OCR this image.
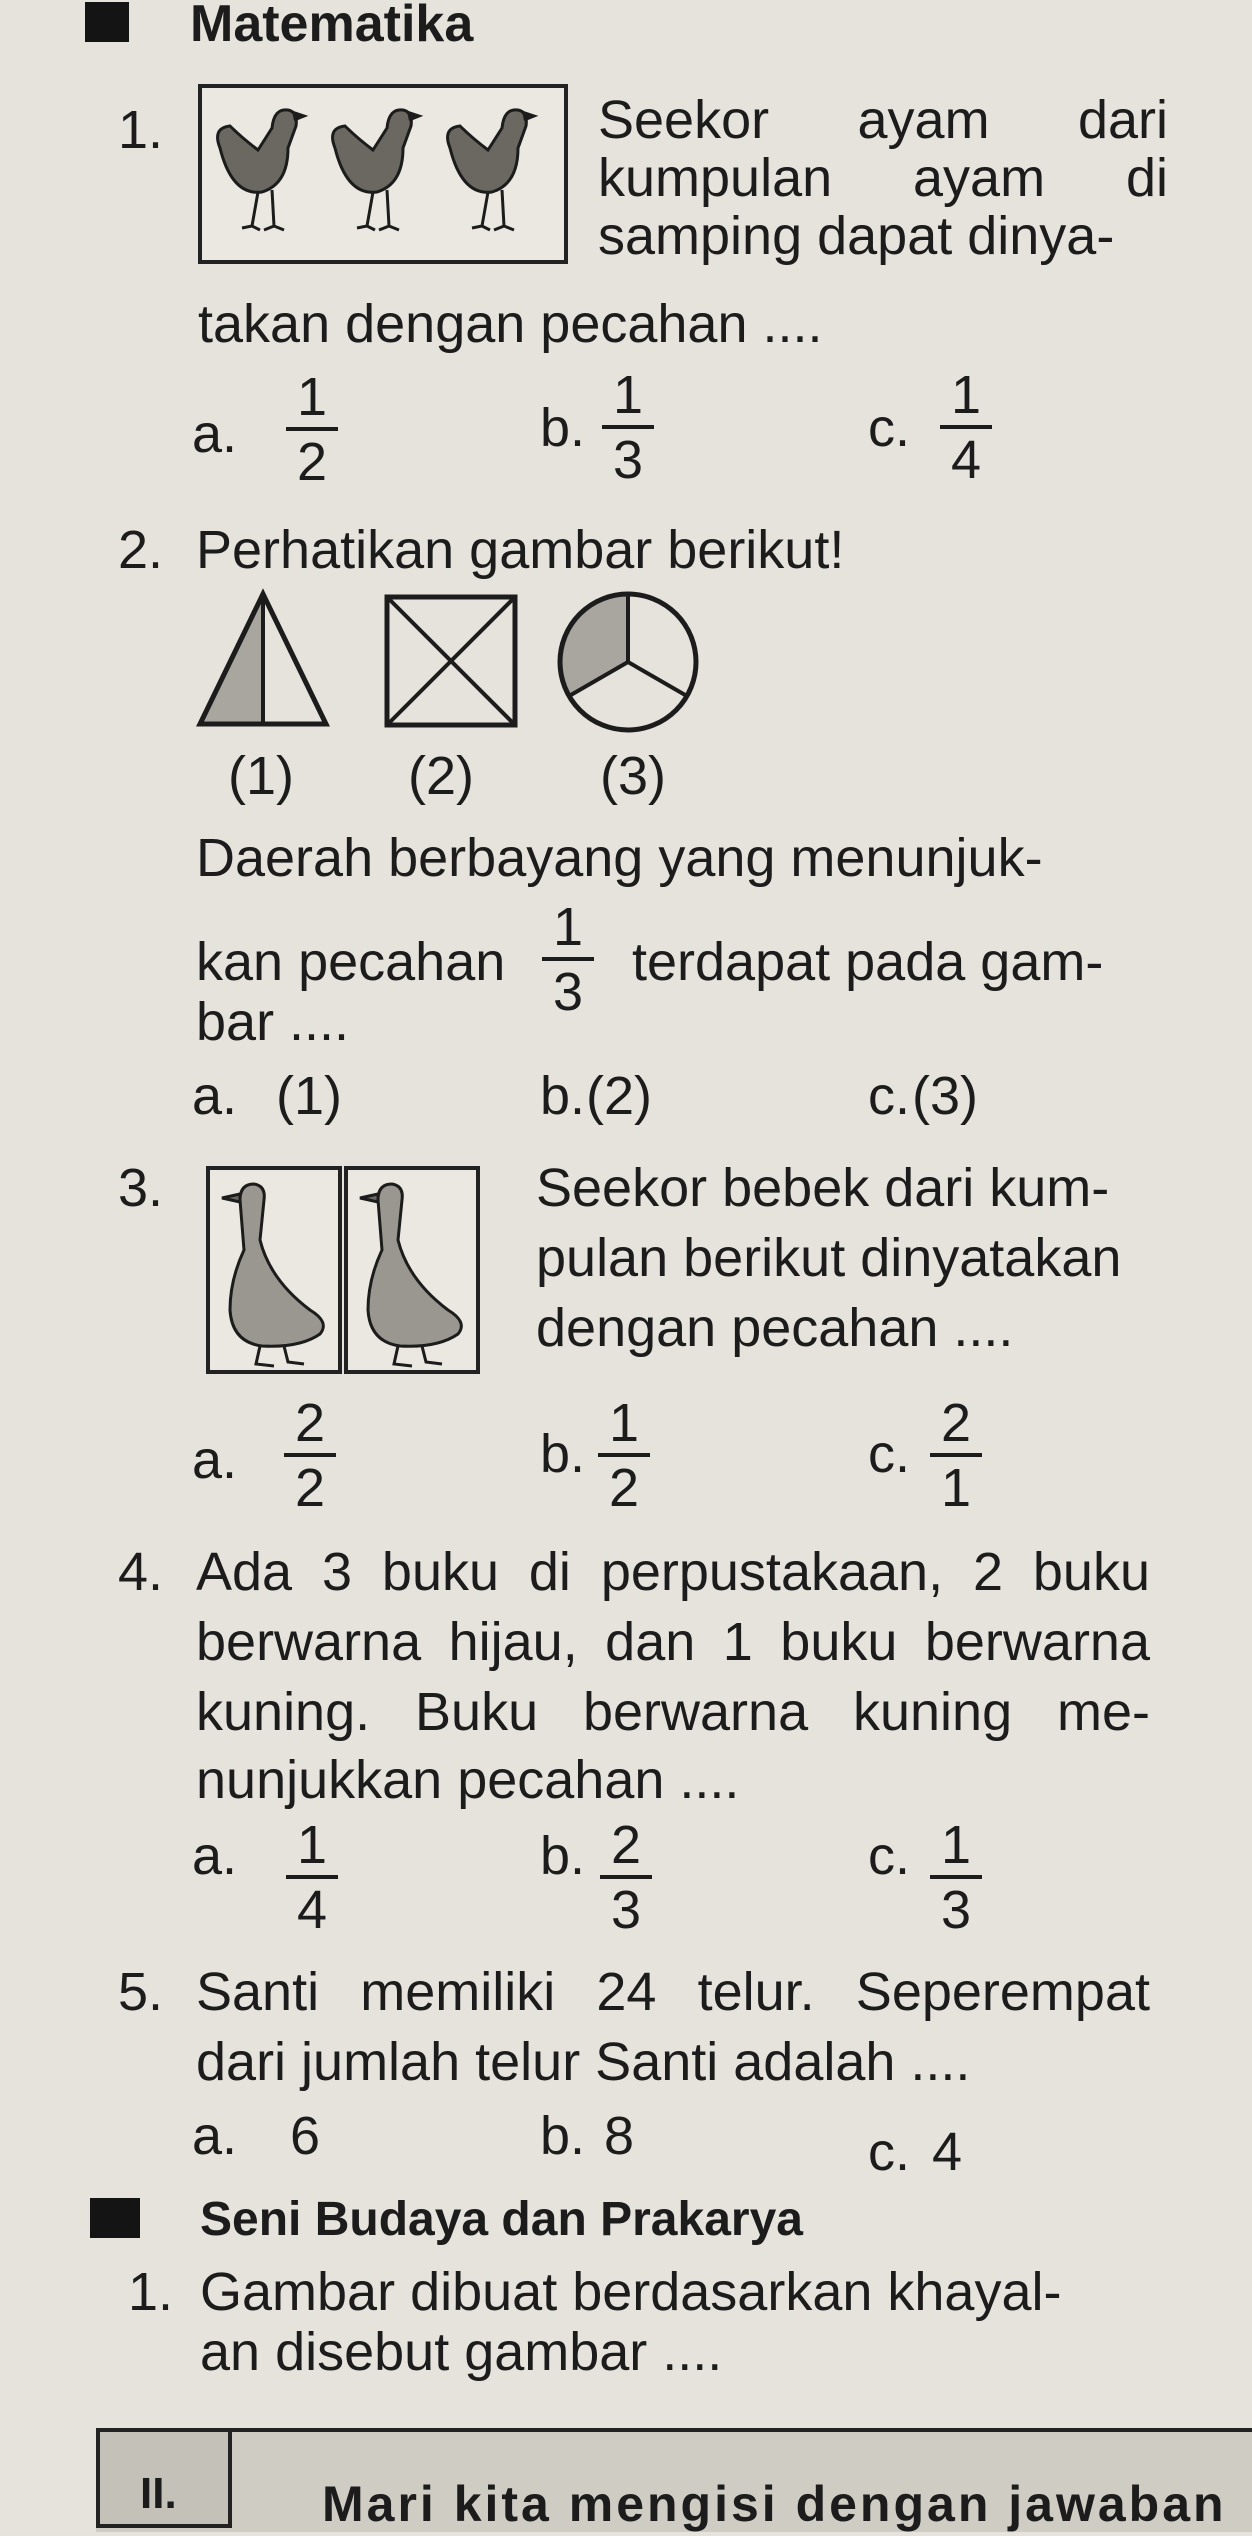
Matematika
1.	Seekor ayam dari
kumpulan ayam di
samping dapat dinya-
takan dengan pecahan ....
a.
1
2
b.
1
3
c.
1
4
2. Perhatikan gambar berikut!
(1) (2) (3)
Daerah berbayang yang menunjuk-
kan pecahan
1
3 terdapat pada gam-
bar ....
a. (1)	b. (2)	c. (3)
3.	Seekor bebek dari kum-
pulan berikut dinyatakan
dengan pecahan ....
a.
2
2
b.
1
2
c.
2
1
4. Ada 3 buku di perpustakaan, 2 buku
berwarna hijau, dan 1 buku berwarna
kuning. Buku berwarna kuning me-
nunjukkan pecahan ....
a. 1
4
b. 2
3
c. 1
3
5. Santi memiliki 24 telur. Seperempat
dari jumlah telur Santi adalah ....
a. 6	b. 8	c. 4
Seni Budaya dan Prakarya
1. Gambar dibuat berdasarkan khayal-
an disebut gambar ....
II.	Mari kita mengisi dengan jawaban
